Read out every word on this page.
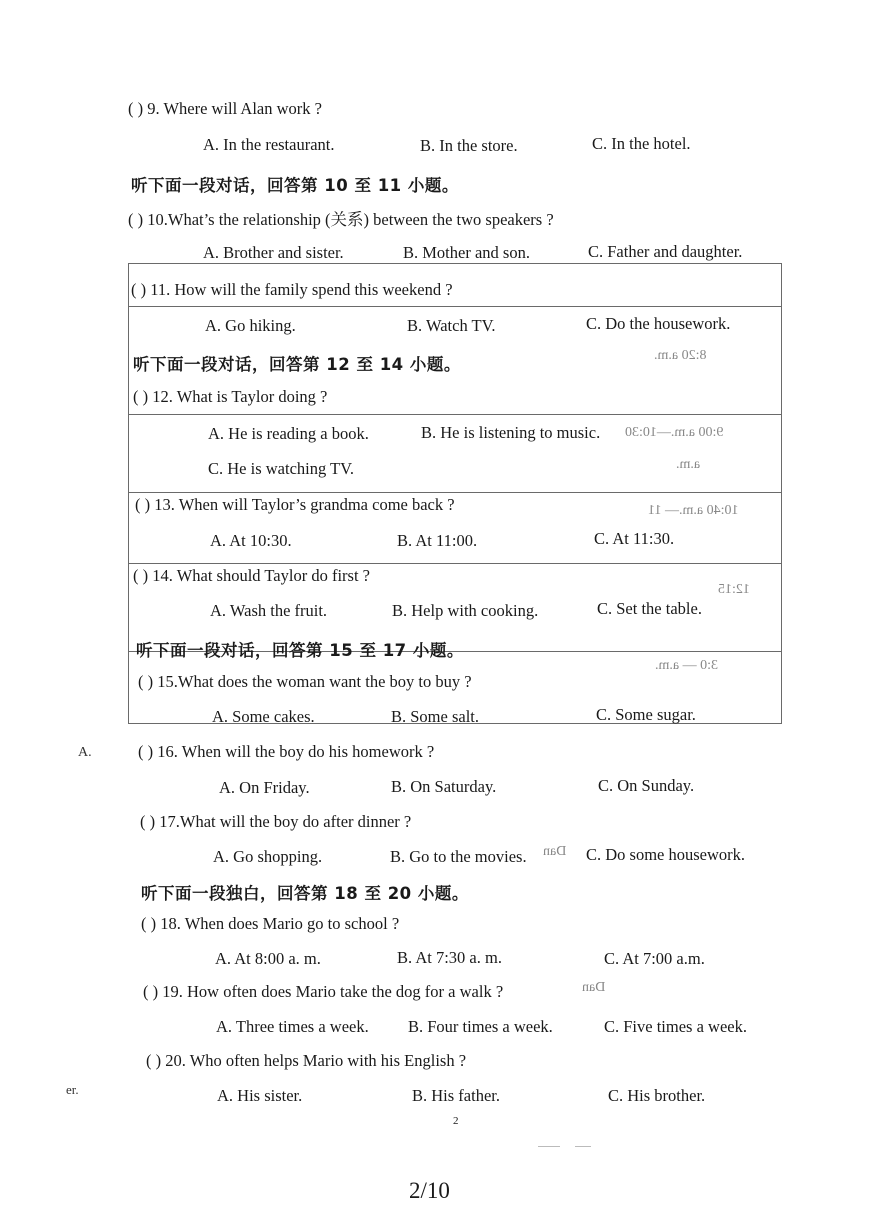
( ) 9. Where will Alan work ?

A. In the restaurant.	B. In the store.	C. In the hotel.

听下面一段对话，回答第 10 至 11 小题。

( ) 10.What’s the relationship (关系) between the two speakers ?

A. Brother and sister.	B. Mother and son.	C. Father and daughter.

( ) 11. How will the family spend this weekend ?

A. Go hiking.	B. Watch TV.	C. Do the housework.

听下面一段对话，回答第 12 至 14 小题。	8:20 a.m.

( ) 12. What is Taylor doing ?

A. He is reading a book.	B. He is listening to music. 9:00 a.m.—10:30

C. He is watching TV.	a.m.

( ) 13. When will Taylor’s grandma come back ?	10:40 a.m.— 11

A. At 10:30.	B. At 11:00.	C. At 11:30.

( ) 14. What should Taylor do first ?

12:15

A. Wash the fruit.	B. Help with cooking.	C. Set the table.

听下面一段对话，回答第 15 至 17 小题。

3:0 — a.m.

( ) 15.What does the woman want the boy to buy ?

A. Some cakes.	B. Some salt.	C. Some sugar.

A.	( ) 16. When will the boy do his homework ?

A. On Friday.	B. On Saturday.	C. On Sunday.

( ) 17.What will the boy do after dinner ?

A. Go shopping.	B. Go to the movies. Dan C. Do some housework.

听下面一段独白，回答第 18 至 20 小题。

( ) 18. When does Mario go to school ?

A. At 8:00 a. m.	B. At 7:30 a. m.	C. At 7:00 a.m.

( ) 19. How often does Mario take the dog for a walk ?	Dan

A. Three times a week. B. Four times a week.	C. Five times a week.

( ) 20. Who often helps Mario with his English ?

er.	A. His sister.	B. His father.	C. His brother.

2

2/10
